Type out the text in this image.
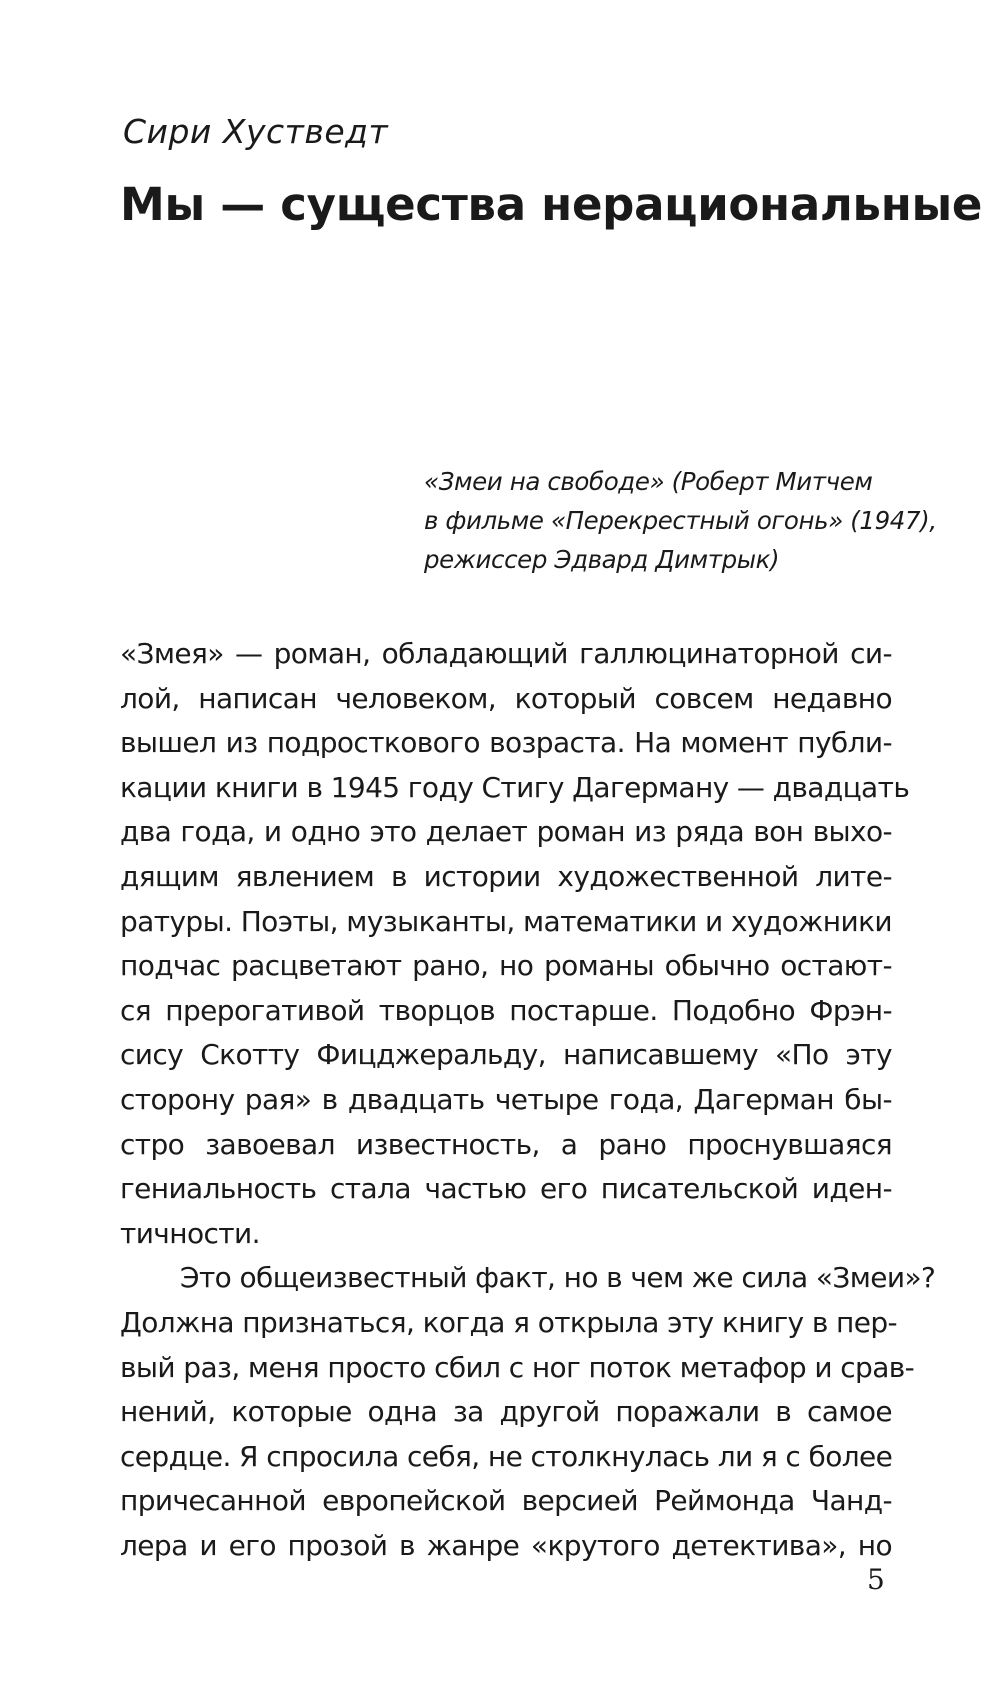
Сири Хустведт
Мы — существа нерациональные
«Змеи на свободе» (Роберт Митчем
в фильме «Перекрестный огонь» (1947),
режиссер Эдвард Димтрык)
«Змея» — роман, обладающий галлюцинаторной си-
лой, написан человеком, который совсем недавно
вышел из подросткового возраста. На момент публи-
кации книги в 1945 году Стигу Дагерману — двадцать
два года, и одно это делает роман из ряда вон выхо-
дящим явлением в истории художественной лите-
ратуры. Поэты, музыканты, математики и художники
подчас расцветают рано, но романы обычно остают-
ся прерогативой творцов постарше. Подобно Фрэн-
сису Скотту Фицджеральду, написавшему «По эту
сторону рая» в двадцать четыре года, Дагерман бы-
стро завоевал известность, а рано проснувшаяся
гениальность стала частью его писательской иден-
тичности.
Это общеизвестный факт, но в чем же сила «Змеи»?
Должна признаться, когда я открыла эту книгу в пер-
вый раз, меня просто сбил с ног поток метафор и срав-
нений, которые одна за другой поражали в самое
сердце. Я спросила себя, не столкнулась ли я с более
причесанной европейской версией Реймонда Чанд-
лера и его прозой в жанре «крутого детектива», но
5
